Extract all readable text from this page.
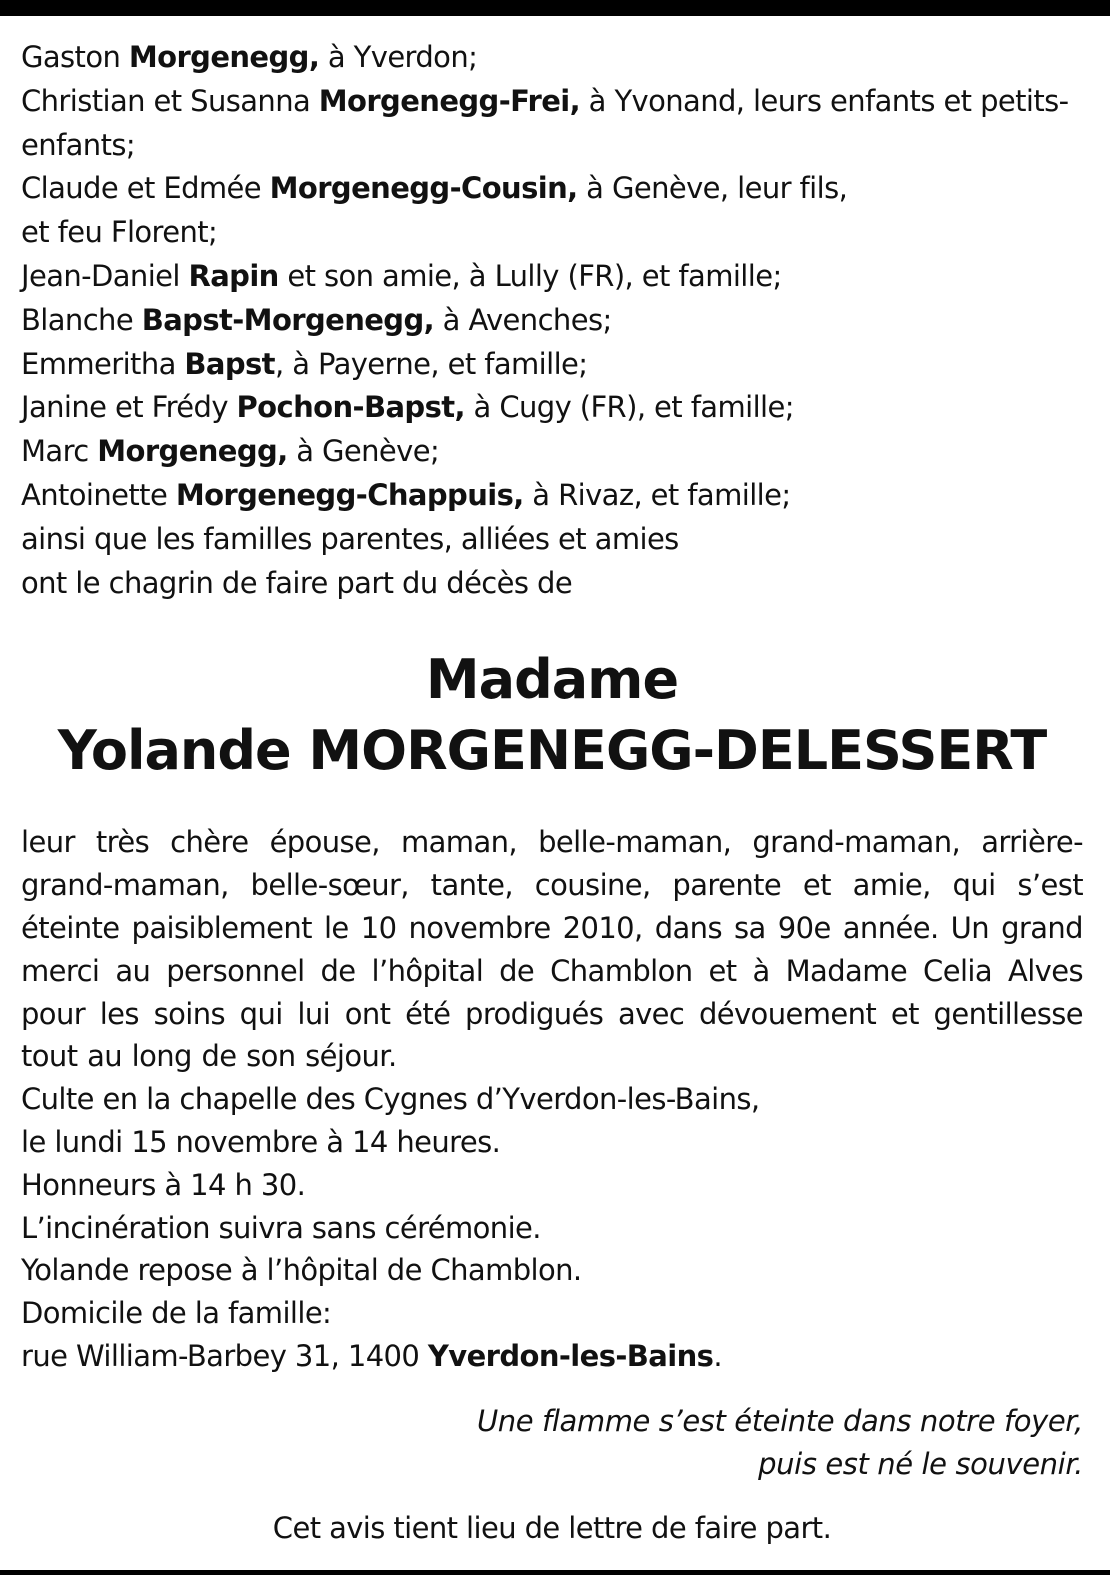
Gaston Morgenegg, à Yverdon;
Christian et Susanna Morgenegg-Frei, à Yvonand, leurs enfants et petits-enfants;
Claude et Edmée Morgenegg-Cousin, à Genève, leur fils,
et feu Florent;
Jean-Daniel Rapin et son amie, à Lully (FR), et famille;
Blanche Bapst-Morgenegg, à Avenches;
Emmeritha Bapst, à Payerne, et famille;
Janine et Frédy Pochon-Bapst, à Cugy (FR), et famille;
Marc Morgenegg, à Genève;
Antoinette Morgenegg-Chappuis, à Rivaz, et famille;
ainsi que les familles parentes, alliées et amies
ont le chagrin de faire part du décès de
Madame
Yolande MORGENEGG-DELESSERT
leur très chère épouse, maman, belle-maman, grand-maman, arrière-grand-maman, belle-sœur, tante, cousine, parente et amie, qui s’est éteinte paisiblement le 10 novembre 2010, dans sa 90e année. Un grand merci au personnel de l’hôpital de Chamblon et à Madame Celia Alves pour les soins qui lui ont été prodigués avec dévouement et gentillesse tout au long de son séjour.
Culte en la chapelle des Cygnes d’Yverdon-les-Bains,
le lundi 15 novembre à 14 heures.
Honneurs à 14 h 30.
L’incinération suivra sans cérémonie.
Yolande repose à l’hôpital de Chamblon.
Domicile de la famille:
rue William-Barbey 31, 1400 Yverdon-les-Bains.
Une flamme s’est éteinte dans notre foyer,
puis est né le souvenir.
Cet avis tient lieu de lettre de faire part.
